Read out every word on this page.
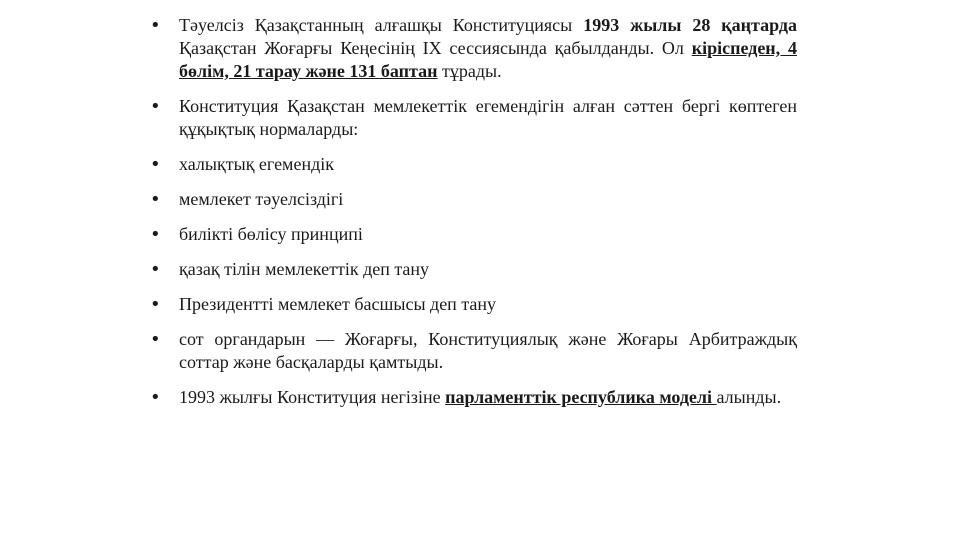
• Тәуелсіз Қазақстанның алғашқы Конституциясы 1993 жылы 28 қаңтарда Қазақстан Жоғарғы Кеңесінің IX сессиясында қабылданды. Ол кіріспеден, 4 бөлім, 21 тарау және 131 баптан тұрады.
• Конституция Қазақстан мемлекеттік егемендігін алған сәттен бергі көптеген құқықтық нормаларды:
• халықтық егемендік
• мемлекет тәуелсіздігі
• билікті бөлісу принципі
• қазақ тілін мемлекеттік деп тану
• Президентті мемлекет басшысы деп тану
• сот органдарын — Жоғарғы, Конституциялық және Жоғары Арбитраждық соттар және басқаларды қамтыды.
• 1993 жылғы Конституция негізіне парламенттік республика моделі алынды.
